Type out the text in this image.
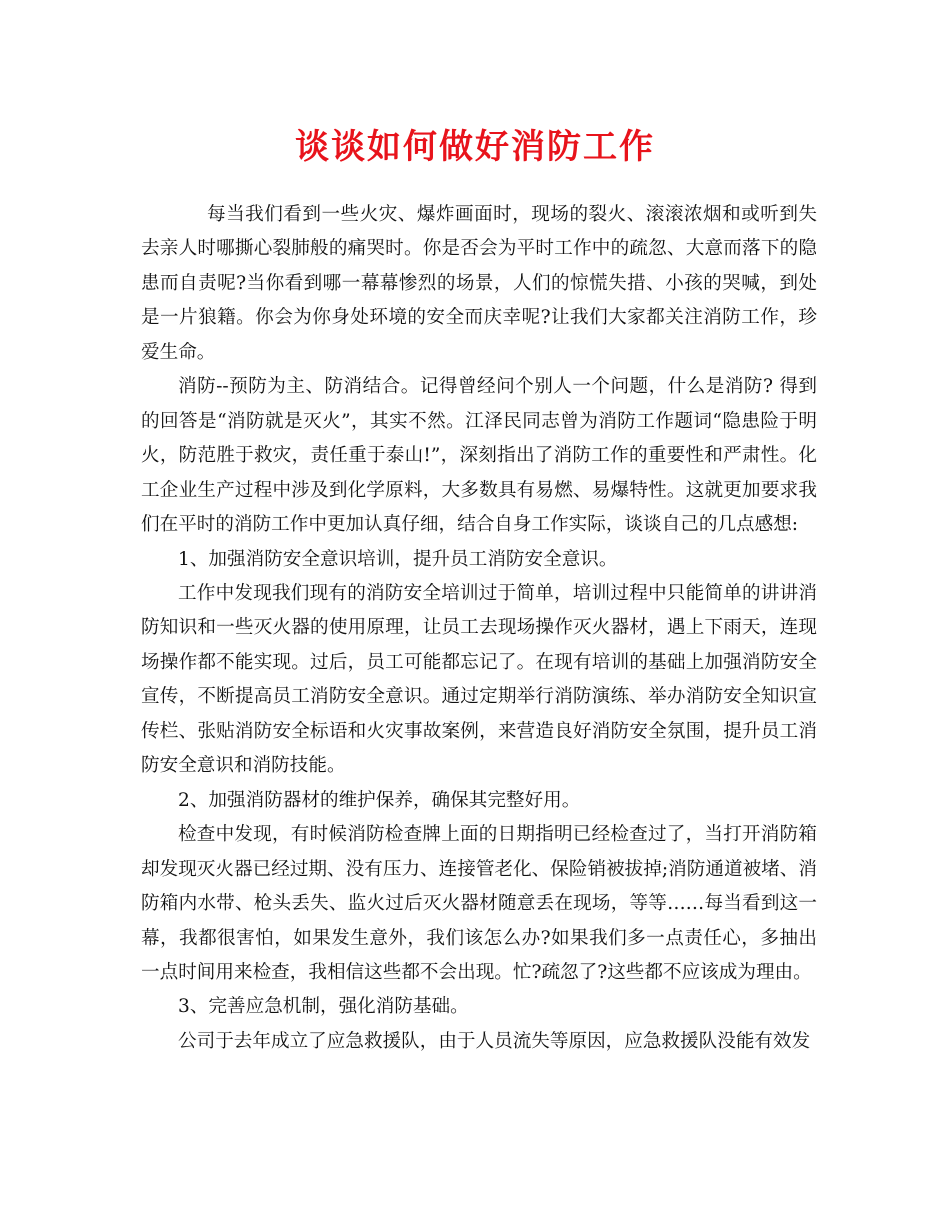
谈谈如何做好消防工作

每当我们看到一些火灾、爆炸画面时，现场的裂火、滚滚浓烟和或听到失去亲人时哪撕心裂肺般的痛哭时。你是否会为平时工作中的疏忽、大意而落下的隐患而自责呢?当你看到哪一幕幕惨烈的场景，人们的惊慌失措、小孩的哭喊，到处是一片狼籍。你会为你身处环境的安全而庆幸呢?让我们大家都关注消防工作，珍爱生命。

消防--预防为主、防消结合。记得曾经问个别人一个问题，什么是消防? 得到的回答是“消防就是灭火”，其实不然。江泽民同志曾为消防工作题词“隐患险于明火，防范胜于救灾，责任重于泰山!”，深刻指出了消防工作的重要性和严肃性。化工企业生产过程中涉及到化学原料，大多数具有易燃、易爆特性。这就更加要求我们在平时的消防工作中更加认真仔细，结合自身工作实际，谈谈自己的几点感想:

1、加强消防安全意识培训，提升员工消防安全意识。

工作中发现我们现有的消防安全培训过于简单，培训过程中只能简单的讲讲消防知识和一些灭火器的使用原理，让员工去现场操作灭火器材，遇上下雨天，连现场操作都不能实现。过后，员工可能都忘记了。在现有培训的基础上加强消防安全宣传，不断提高员工消防安全意识。通过定期举行消防演练、举办消防安全知识宣传栏、张贴消防安全标语和火灾事故案例，来营造良好消防安全氛围，提升员工消防安全意识和消防技能。

2、加强消防器材的维护保养，确保其完整好用。

检查中发现，有时候消防检查牌上面的日期指明已经检查过了，当打开消防箱却发现灭火器已经过期、没有压力、连接管老化、保险销被拔掉;消防通道被堵、消防箱内水带、枪头丢失、监火过后灭火器材随意丢在现场，等等……每当看到这一幕，我都很害怕，如果发生意外，我们该怎么办?如果我们多一点责任心，多抽出一点时间用来检查，我相信这些都不会出现。忙?疏忽了?这些都不应该成为理由。

3、完善应急机制，强化消防基础。

公司于去年成立了应急救援队，由于人员流失等原因，应急救援队没能有效发
